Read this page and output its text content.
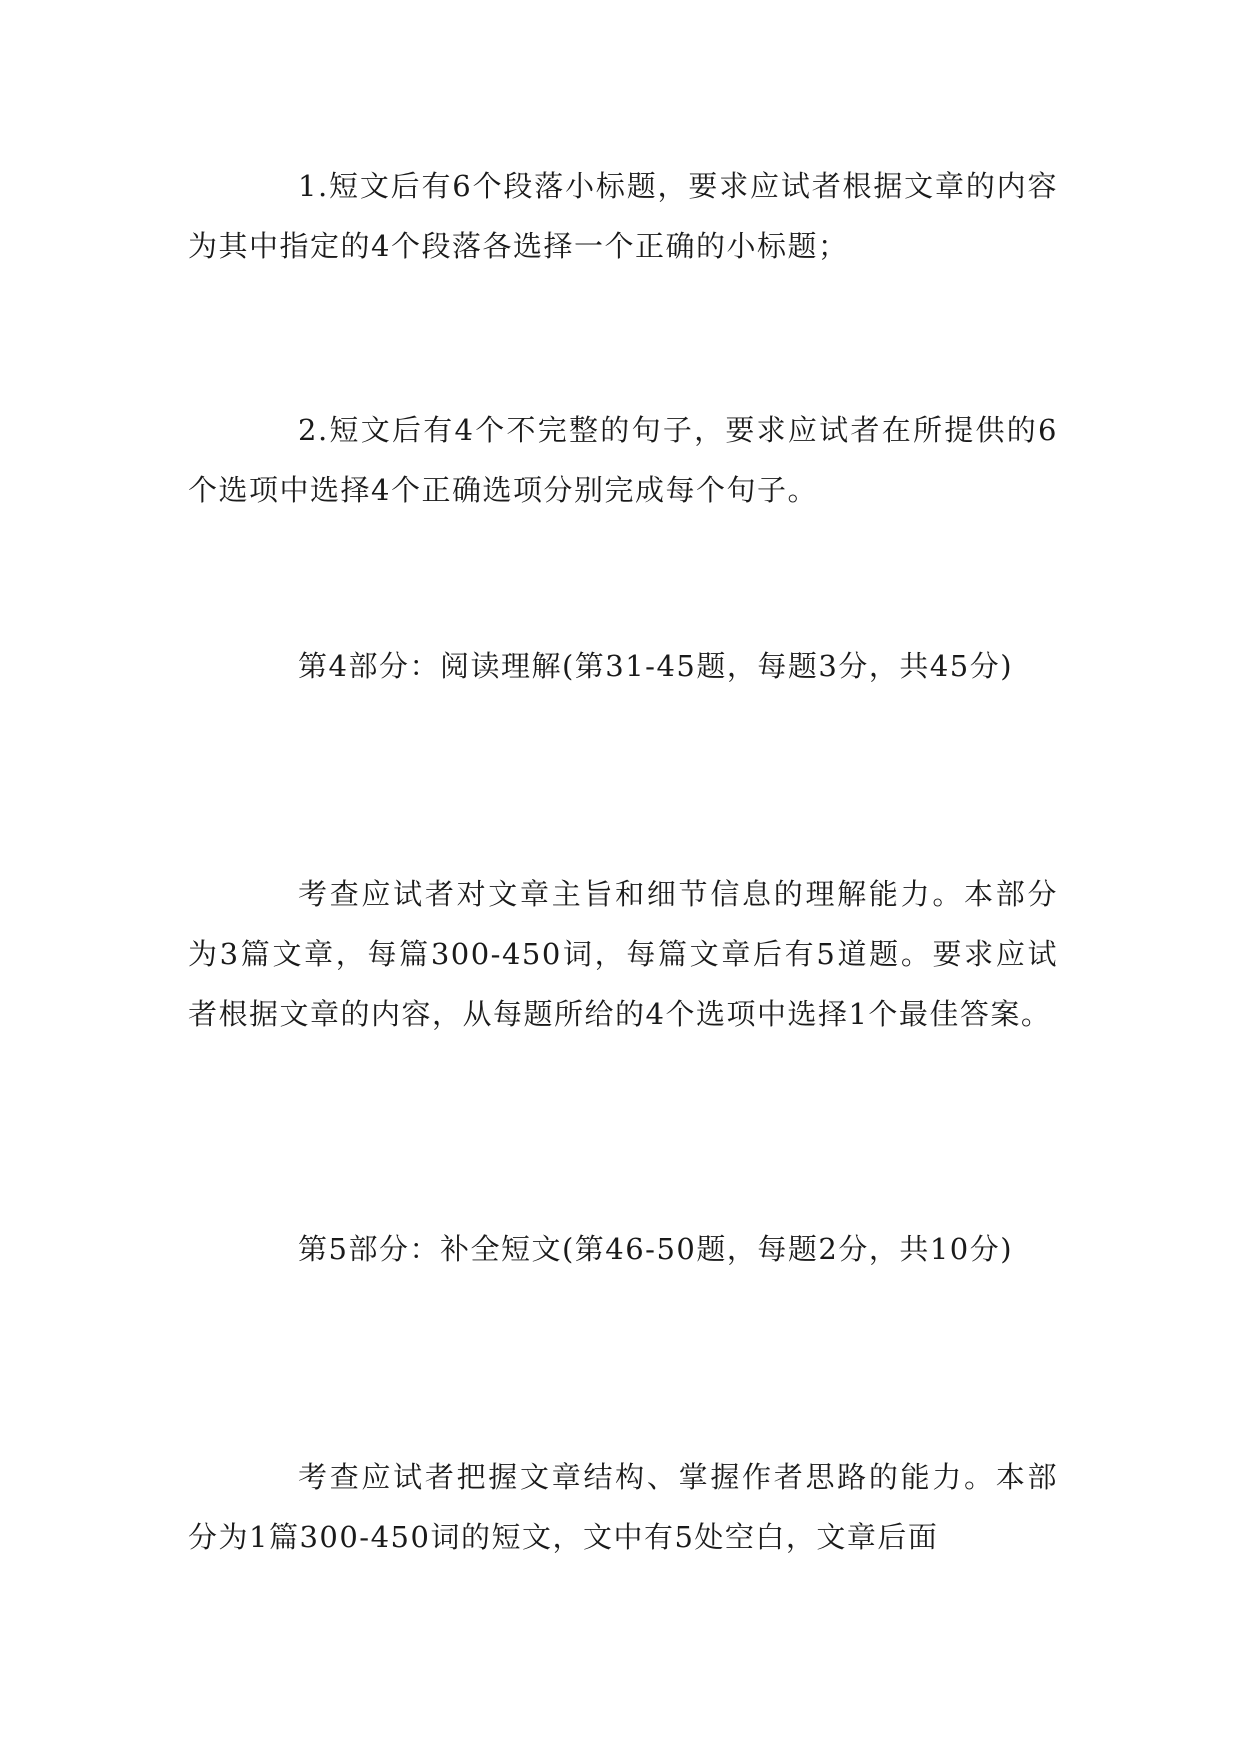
1.短文后有6个段落小标题，要求应试者根据文章的内容为其中指定的4个段落各选择一个正确的小标题；

2.短文后有4个不完整的句子，要求应试者在所提供的6个选项中选择4个正确选项分别完成每个句子。

第4部分：阅读理解(第31-45题，每题3分，共45分)

考查应试者对文章主旨和细节信息的理解能力。本部分为3篇文章，每篇300-450词，每篇文章后有5道题。要求应试者根据文章的内容，从每题所给的4个选项中选择1个最佳答案。

第5部分：补全短文(第46-50题，每题2分，共10分)

考查应试者把握文章结构、掌握作者思路的能力。本部分为1篇300-450词的短文，文中有5处空白，文章后面
